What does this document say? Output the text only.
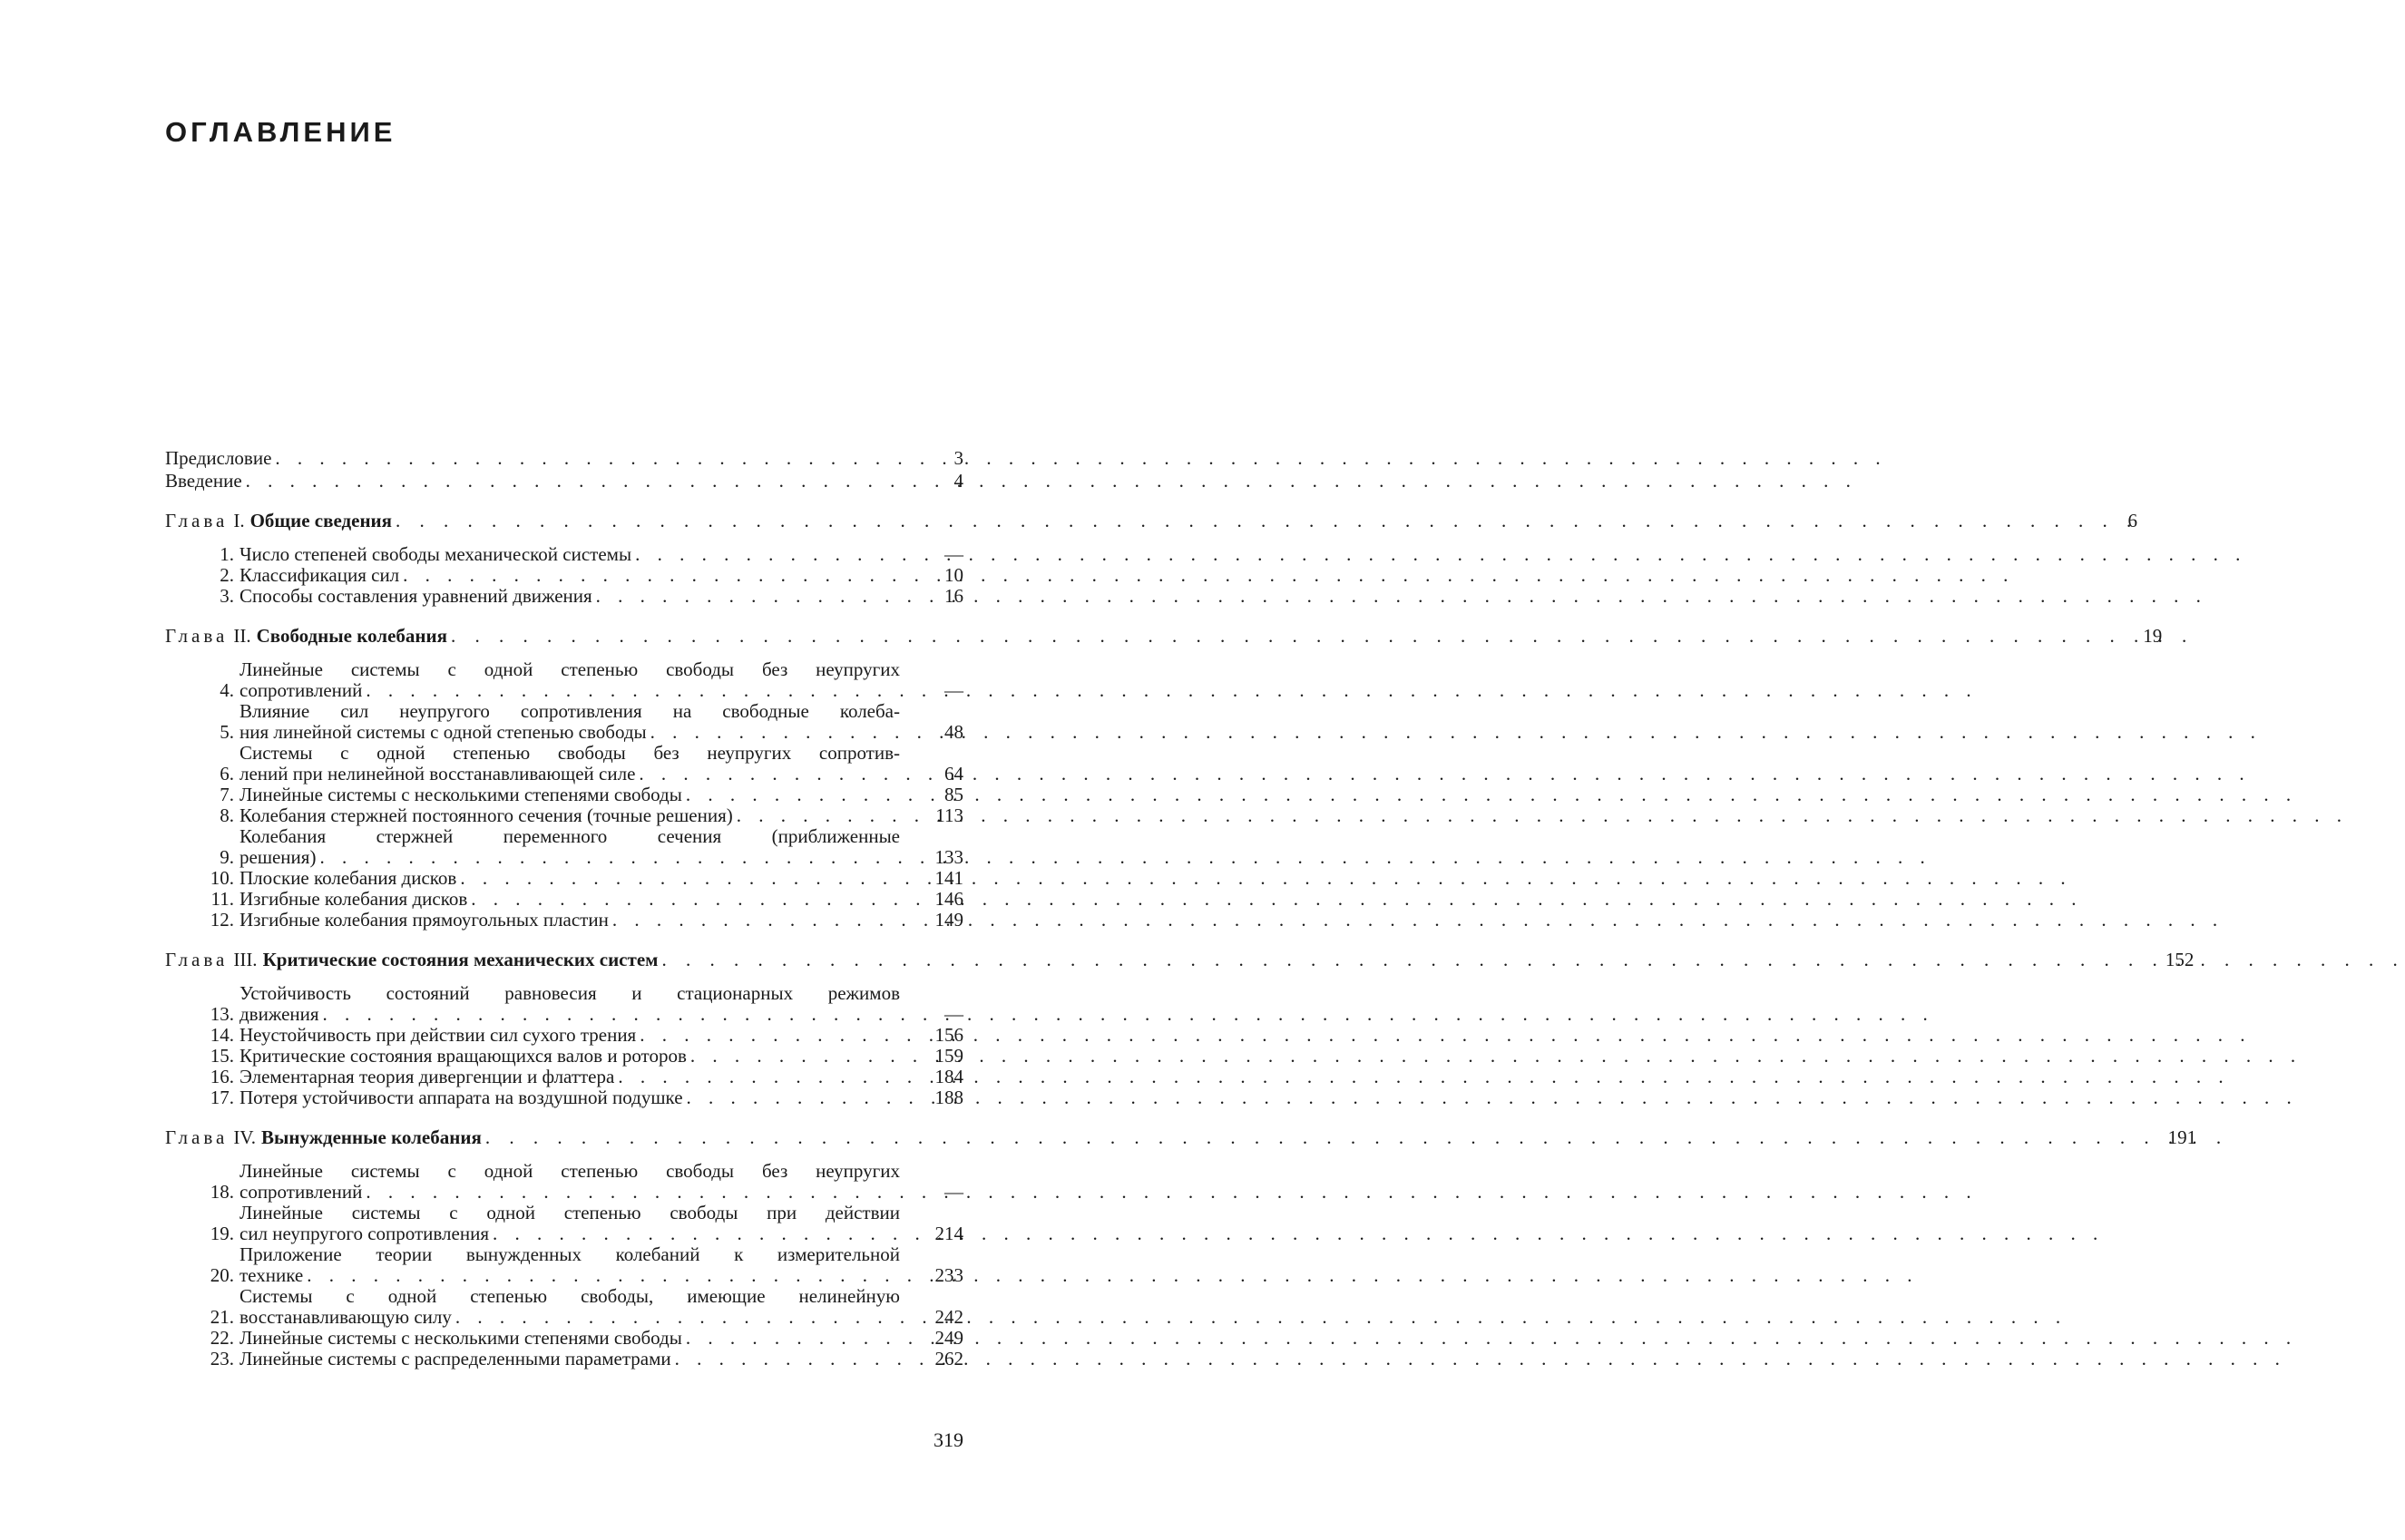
ОГЛАВЛЕНИЕ
Предисловие . . .	3
Введение . . .	4
Глава I. Общие сведения . . .	6
1. Число степеней свободы механической системы . . .	—
2. Классификация сил . . .	10
3. Способы составления уравнений движения . . .	16
Глава II. Свободные колебания . . .	19
4.
Линейные системы с одной степенью свободы без неупругих
сопротивлений . . .	—
5.
Влияние сил неупругого сопротивления на свободные колеба-
ния линейной системы с одной степенью свободы . . .	48
6.
Системы с одной степенью свободы без неупругих сопротив-
лений при нелинейной восстанавливающей силе . . .	64
7. Линейные системы с несколькими степенями свободы . . .	85
8. Колебания стержней постоянного сечения (точные решения) . . .	113
9.
Колебания стержней переменного сечения (приближенные
решения) . . .	133
10. Плоские колебания дисков . . .	141
11. Изгибные колебания дисков . . .	146
12. Изгибные колебания прямоугольных пластин . . .	149
Глава III. Критические состояния механических систем . . .	152
13.
Устойчивость состояний равновесия и стационарных режимов
движения . . .	—
14. Неустойчивость при действии сил сухого трения . . .	156
15. Критические состояния вращающихся валов и роторов . . .	159
16. Элементарная теория дивергенции и флаттера . . .	184
17. Потеря устойчивости аппарата на воздушной подушке . . .	188
Глава IV. Вынужденные колебания . . .	191
18.
Линейные системы с одной степенью свободы без неупругих
сопротивлений . . .	—
19.
Линейные системы с одной степенью свободы при действии
сил неупругого сопротивления . . .	214
20.
Приложение теории вынужденных колебаний к измерительной
технике . . .	233
21.
Системы с одной степенью свободы, имеющие нелинейную
восстанавливающую силу . . .	242
22. Линейные системы с несколькими степенями свободы . . .	249
23. Линейные системы с распределенными параметрами . . .	262
319
